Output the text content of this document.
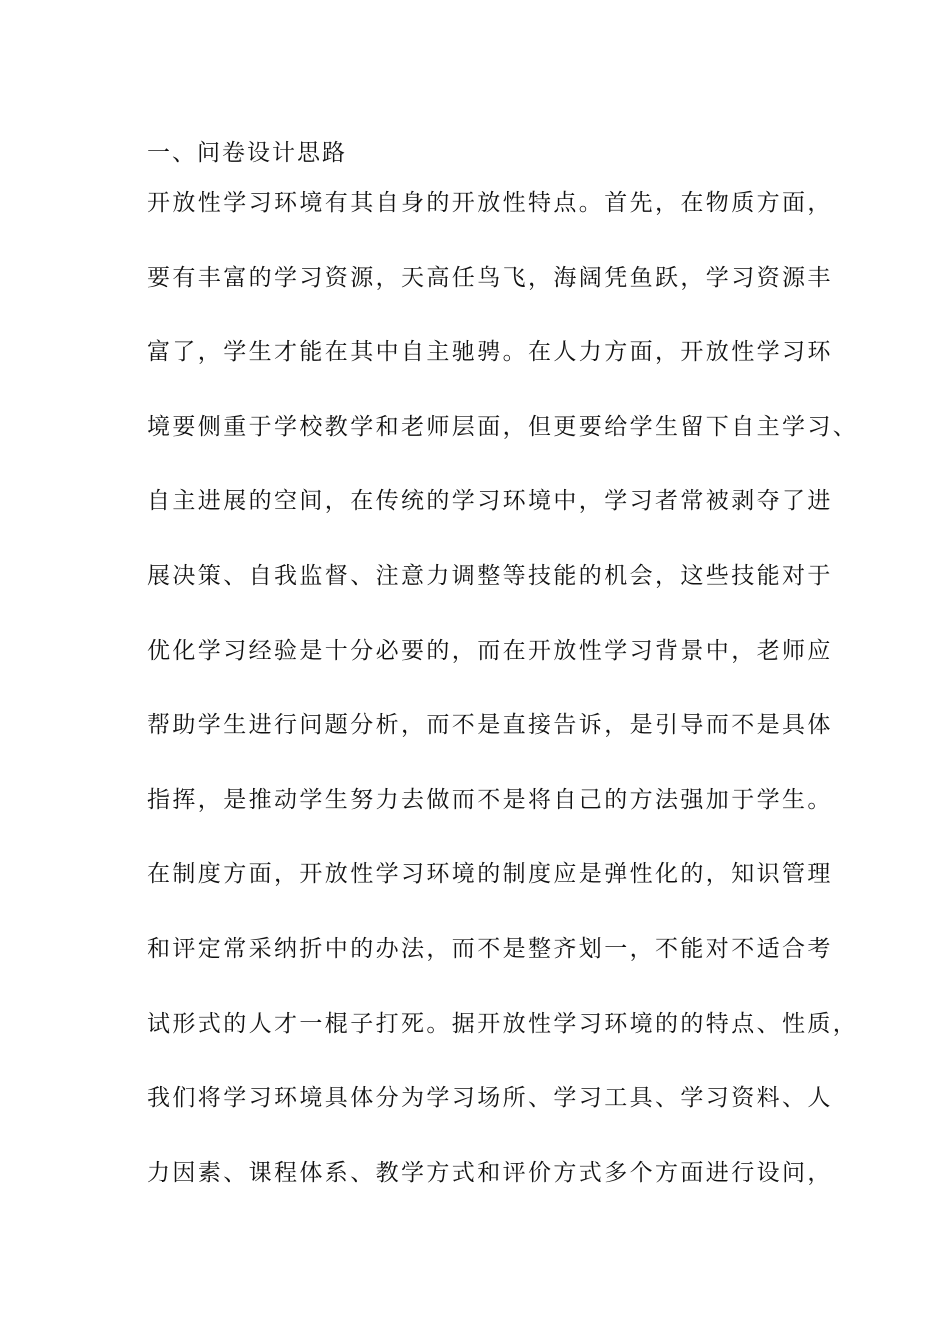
一、问卷设计思路
开放性学习环境有其自身的开放性特点。首先，在物质方面，
要有丰富的学习资源，天高任鸟飞，海阔凭鱼跃，学习资源丰
富了，学生才能在其中自主驰骋。在人力方面，开放性学习环
境要侧重于学校教学和老师层面，但更要给学生留下自主学习、
自主进展的空间，在传统的学习环境中，学习者常被剥夺了进
展决策、自我监督、注意力调整等技能的机会，这些技能对于
优化学习经验是十分必要的，而在开放性学习背景中，老师应
帮助学生进行问题分析，而不是直接告诉，是引导而不是具体
指挥，是推动学生努力去做而不是将自己的方法强加于学生。
在制度方面，开放性学习环境的制度应是弹性化的，知识管理
和评定常采纳折中的办法，而不是整齐划一，不能对不适合考
试形式的人才一棍子打死。据开放性学习环境的的特点、性质，
我们将学习环境具体分为学习场所、学习工具、学习资料、人
力因素、课程体系、教学方式和评价方式多个方面进行设问，
